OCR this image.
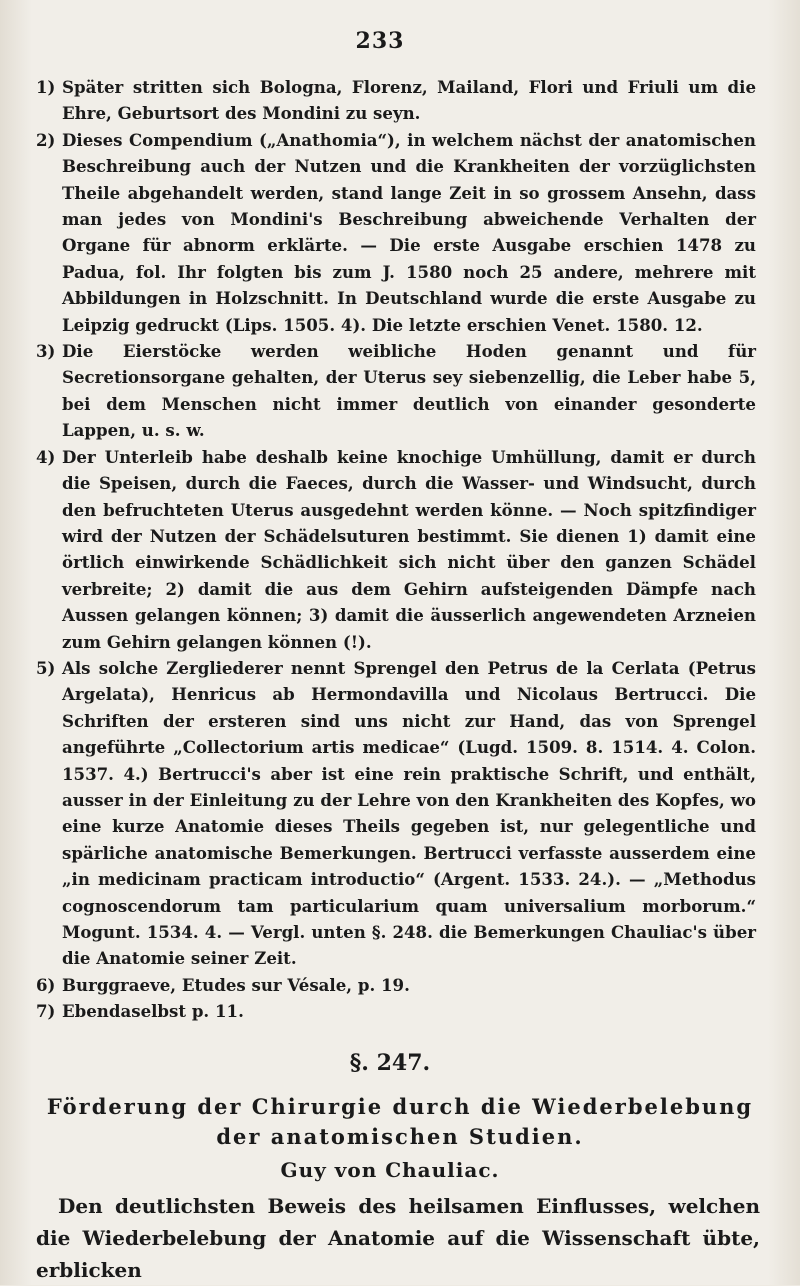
233

1) Später stritten sich Bologna, Florenz, Mailand, Flori und Friuli um die Ehre, Geburtsort des Mondini zu seyn.

2) Dieses Compendium („Anathomia“), in welchem nächst der anatomischen Beschreibung auch der Nutzen und die Krankheiten der vorzüglichsten Theile abgehandelt werden, stand lange Zeit in so grossem Ansehn, dass man jedes von Mondini's Beschreibung abweichende Verhalten der Organe für abnorm erklärte. — Die erste Ausgabe erschien 1478 zu Padua, fol. Ihr folgten bis zum J. 1580 noch 25 andere, mehrere mit Abbildungen in Holzschnitt. In Deutschland wurde die erste Ausgabe zu Leipzig gedruckt (Lips. 1505. 4). Die letzte erschien Venet. 1580. 12.

3) Die Eierstöcke werden weibliche Hoden genannt und für Secretionsorgane gehalten, der Uterus sey siebenzellig, die Leber habe 5, bei dem Menschen nicht immer deutlich von einander gesonderte Lappen, u. s. w.

4) Der Unterleib habe deshalb keine knochige Umhüllung, damit er durch die Speisen, durch die Faeces, durch die Wasser- und Windsucht, durch den befruchteten Uterus ausgedehnt werden könne. — Noch spitzfindiger wird der Nutzen der Schädelsuturen bestimmt. Sie dienen 1) damit eine örtlich einwirkende Schädlichkeit sich nicht über den ganzen Schädel verbreite; 2) damit die aus dem Gehirn aufsteigenden Dämpfe nach Aussen gelangen können; 3) damit die äusserlich angewendeten Arzneien zum Gehirn gelangen können (!).

5) Als solche Zergliederer nennt Sprengel den Petrus de la Cerlata (Petrus Argelata), Henricus ab Hermondavilla und Nicolaus Bertrucci. Die Schriften der ersteren sind uns nicht zur Hand, das von Sprengel angeführte „Collectorium artis medicae“ (Lugd. 1509. 8. 1514. 4. Colon. 1537. 4.) Bertrucci's aber ist eine rein praktische Schrift, und enthält, ausser in der Einleitung zu der Lehre von den Krankheiten des Kopfes, wo eine kurze Anatomie dieses Theils gegeben ist, nur gelegentliche und spärliche anatomische Bemerkungen. Bertrucci verfasste ausserdem eine „in medicinam practicam introductio“ (Argent. 1533. 24.). — „Methodus cognoscendorum tam particularium quam universalium morborum.“ Mogunt. 1534. 4. — Vergl. unten §. 248. die Bemerkungen Chauliac's über die Anatomie seiner Zeit.

6) Burggraeve, Etudes sur Vésale, p. 19.

7) Ebendaselbst p. 11.

§. 247.
Förderung der Chirurgie durch die Wiederbelebung
der anatomischen Studien.
Guy von Chauliac.

Den deutlichsten Beweis des heilsamen Einflusses, welchen die Wiederbelebung der Anatomie auf die Wissenschaft übte, erblicken
